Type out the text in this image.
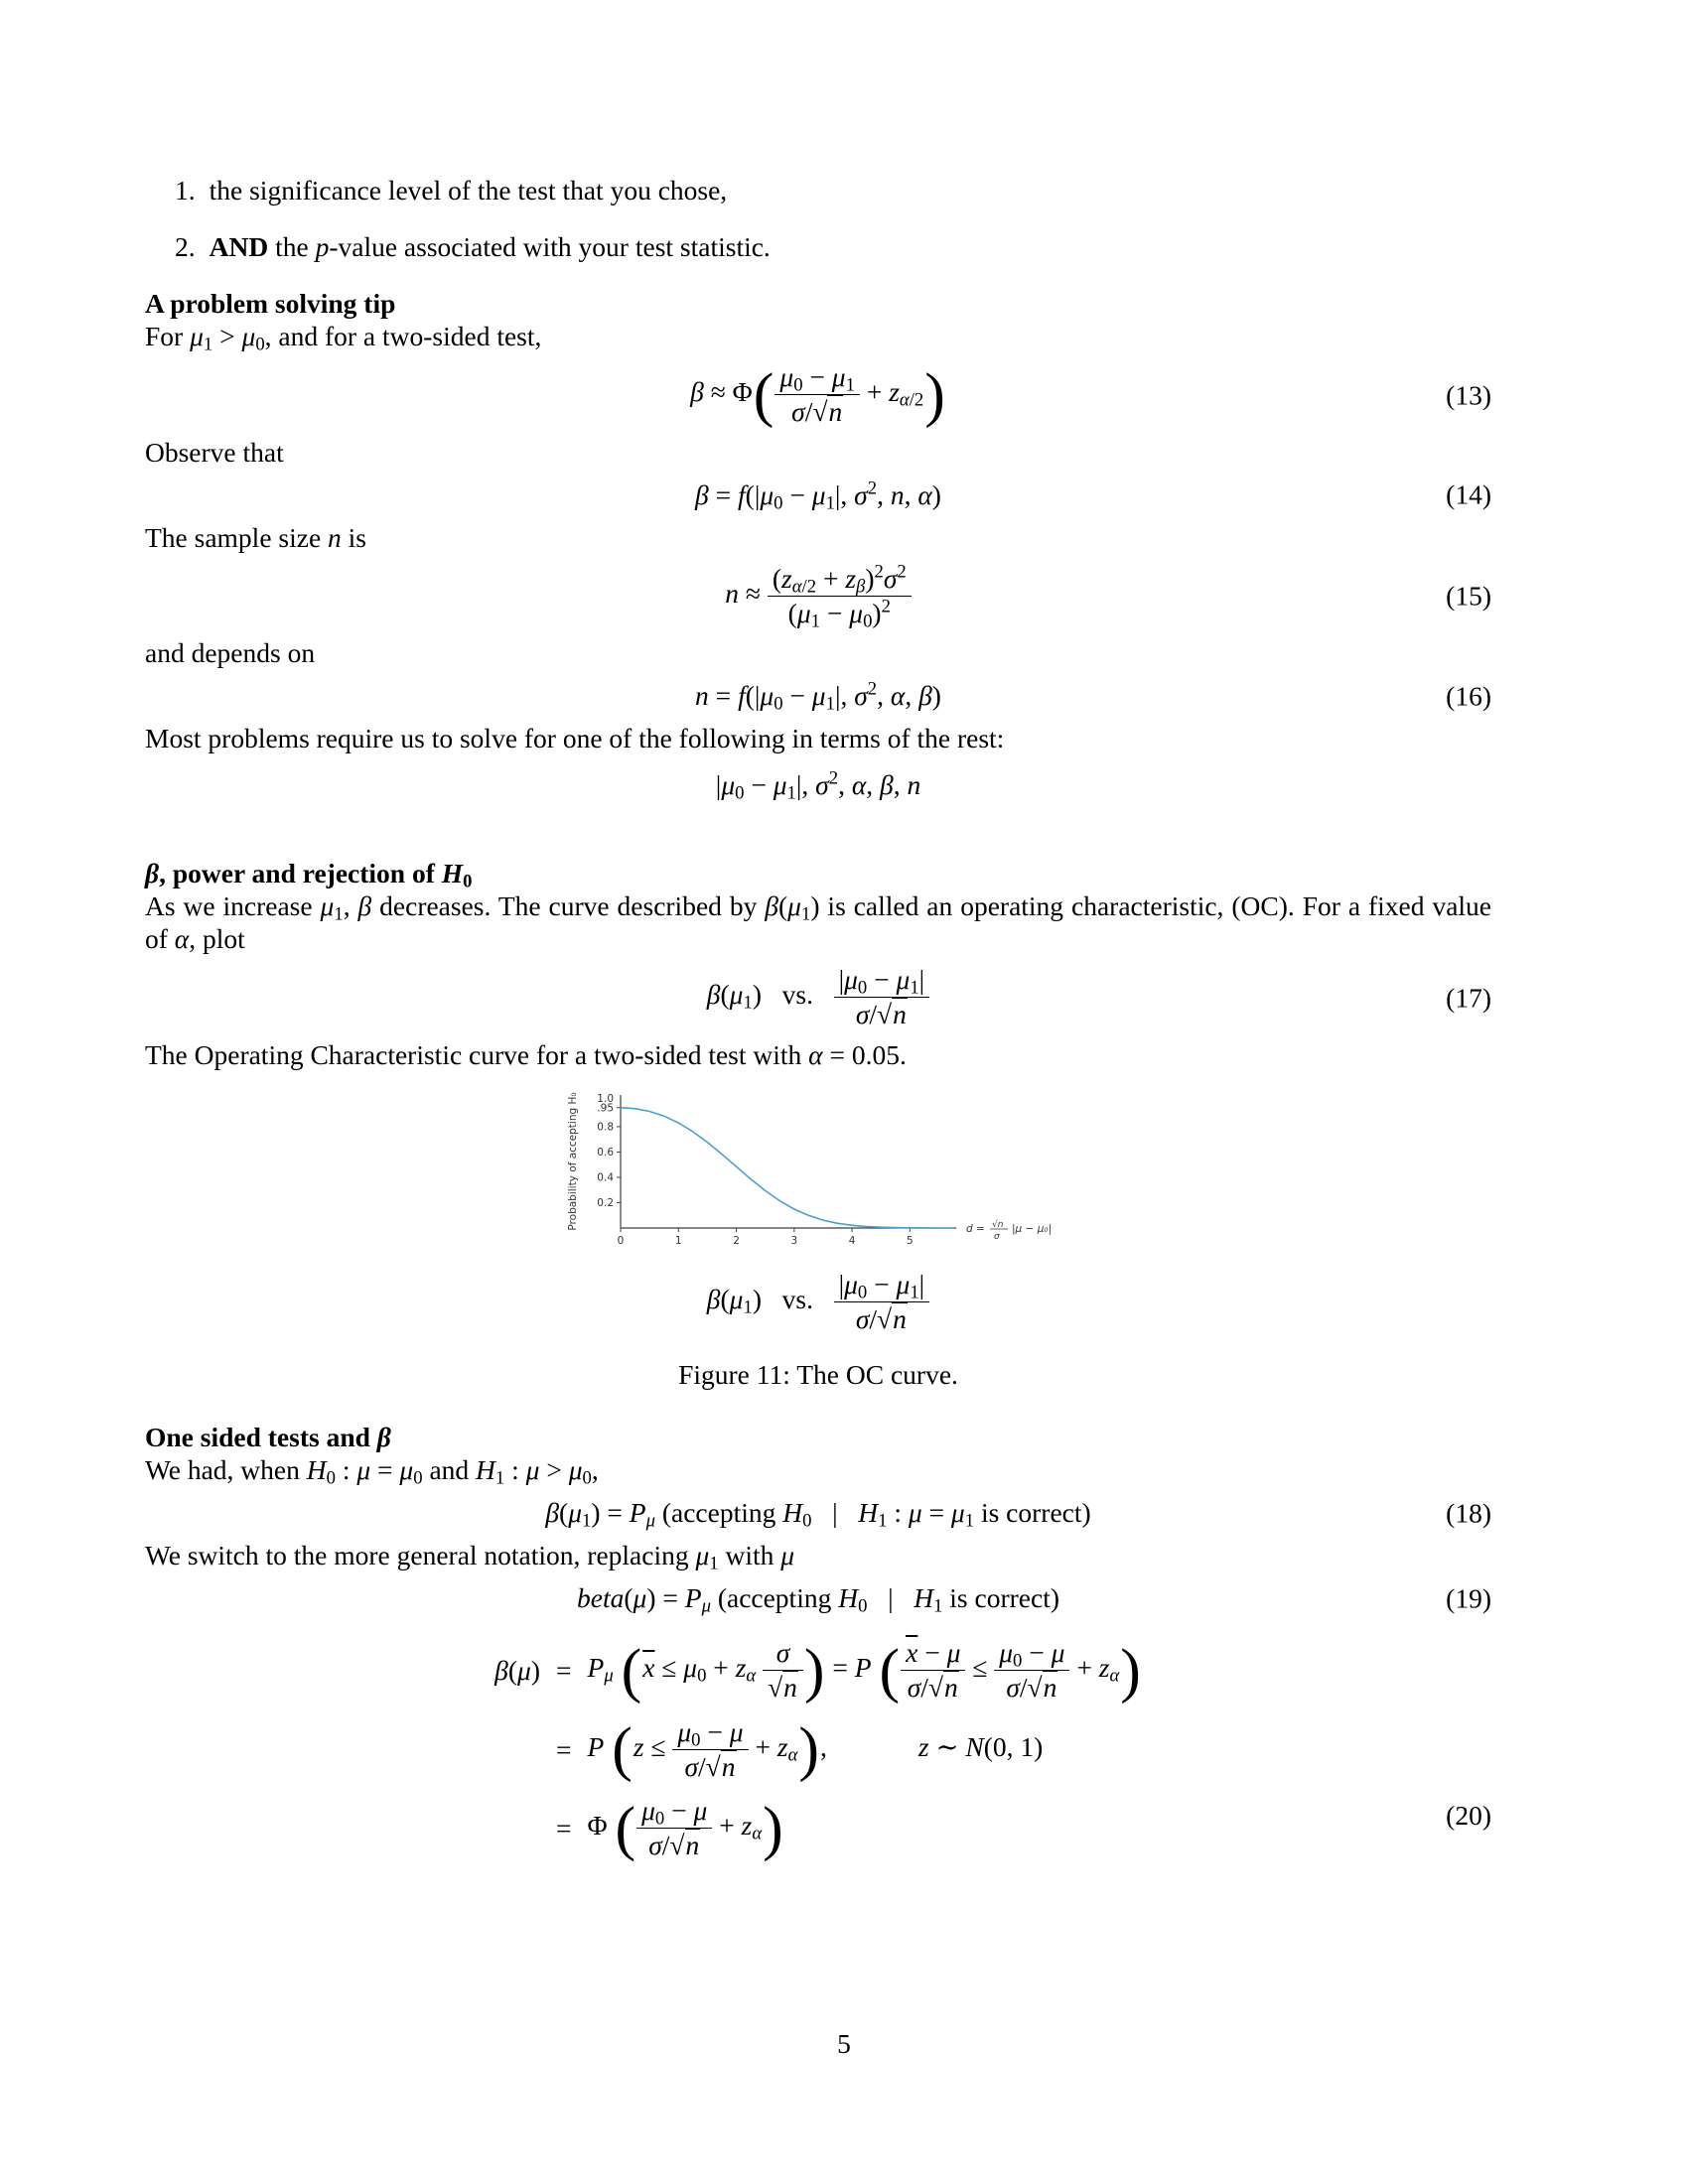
1. the significance level of the test that you chose,
2. AND the p-value associated with your test statistic.
A problem solving tip
For $\mu_1 > \mu_0$, and for a two-sided test,
$\beta \approx \Phi( \frac{\mu_0 - \mu_1}{\sigma/√n} + z_{\alpha/2})$	(13)
Observe that
$\beta = f(|\mu_0 - \mu_1|$, $\sigma^2$, n, α)	(14)
The sample size n is
$n \approx \frac{(z_{\alpha/2} + z_\beta)^2\sigma^2}{(\mu_1 - \mu_0)^2}$	(15)
and depends on
$n = f(|\mu_0 - \mu_1|$, $\sigma^2$, α, β)	(16)
Most problems require us to solve for one of the following in terms of the rest:
$|\mu_0 - \mu_1|$, $\sigma^2$, α, β, n
β, power and rejection of $H_0$
As we increase $\mu_1$, β decreases. The curve described by $\beta(\mu_1)$ is called an operating characteristic, (OC). For a fixed value of α, plot
$\beta(\mu_1)$   vs. $\frac{|\mu_0 - \mu_1|}{\sigma/√n}$	(17)
The Operating Characteristic curve for a two-sided test with α = 0.05.
0	1	2	3	4	5
0.2
0.4
0.6
0.8
.95
1.0
Probability of accepting H₀	d = √n
σ
|μ − μ₀|
$\beta(\mu_1)$   vs. $\frac{|\mu_0 - \mu_1|}{\sigma/√n}$
Figure 11: The OC curve.
One sided tests and β
We had, when $H_0$ : $\mu = \mu_0$ and $H_1$ : $\mu > \mu_0$,
$\beta(\mu_1) = P_\mu$ (accepting $H_0$   |   $H_1$ : $\mu = \mu_1$ is correct)	(18)
We switch to the more general notation, replacing $\mu_1$ with μ
beta(μ) = $P_\mu$ (accepting $H_0$   |   $H_1$ is correct)	(19)
$\beta(\mu) = P_\mu$ ($\overline{x} \le \mu_0 + z_\alpha \frac{\sigma}{√n}$ ) = P ( $\frac{\overline{x} - \mu}{\sigma/√n} \le \frac{\mu_0 - \mu}{\sigma/√n} + z_\alpha$)
= P $(z \le \frac{\mu_0 - \mu}{\sigma/√n} + z_\alpha)$,	z ∼ N(0, 1)
= Φ ( $\frac{\mu_0 - \mu}{\sigma/√n} + z_\alpha$)	(20)
5
